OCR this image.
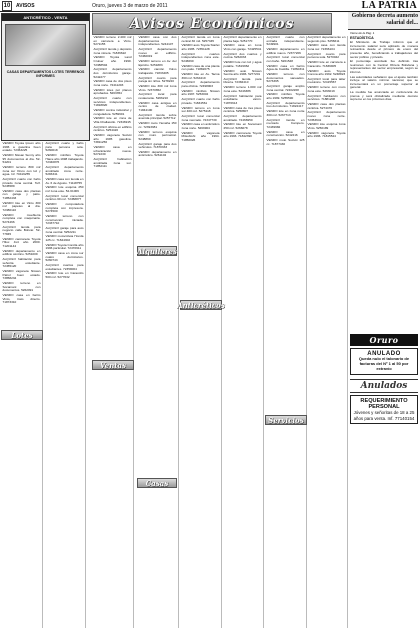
10	AVISOS	Oruro, jueves 3 de marzo de 2011	LA PATRIA
Avisos Económicos
ANTICRÉTICO - VENTA
CASAS DEPARTAMENTOS LOTES TERRENOS INFORMES

VENDO Toyota Ipsum año 1996 a gasolina buen estado. 72363225

VENDO Nissan Sunny año 95 documentos al día. 52-54201

VENDO terreno 800 m2 zona sur Oruro con luz y agua. Inf. 70419255

ALQUILO cuarto con baño privado zona central. Telf. 5245589

VENDO casa dos plantas con garaje y patio. 71852433

VENDO lote en Vinto 300 m2 papeles al día. 72380110

VENDO mueblería completa con maquinaria. 5274466

ALQUILO tienda para negocio calle Bolívar. 52-77845

VENDO camioneta Toyota Hilux 4x4 año 2000. 71201144

VENDO departamento en edificio céntrico. 5251009

ALQUILO habitación para señorita estudiante. 72455120

VENDO vagoneta Nissan Patrol buen estado. 73858234

VENDO terreno en Socamani con documentos. 5262091

VENDO casa en barrio Vinto, trato directo. 71873310

ALQUILO cuarto y baño para persona sola. 5260018

VENDO minibús Toyota Hiace año 1998 trabajando. 72340876

ALQUILO departamento amoblado zona norte. 5283341

VENDO casa con tienda en Av. 6 de Agosto. 71118755

VENDO lote esquina 250 m2 zona este. 52-61009

ALQUILO local comercial céntrico 60 m2. 72458877

VENDO computadora completa con impresora. 5274500

VENDO terreno con construcción iniciada. 72337710

ALQUILO garaje para auto zona central. 5252211

VENDO motocicleta Honda 125 cc. 71844302

VENDO Toyota Corolla año 1996 particular. 72470911

VENDO casa en zona sur cuatro dormitorios. 5260743

ALQUILO cuartos para estudiantes. 72359004

VENDO lote en Caracollo 500 m2. 5277632

VENDO terreno 2.400 m2 en carretera a Vinto. 5271155

ALQUILO tienda y depósito zona minera. 71836622

VENDO Toyota Land Cruiser año 1990. 72388504

ALQUILO departamento dos dormitorios garaje. 5242277

VENDO casa de dos pisos zona norte. 72411203

VENDO lotes por planos aprobados. 5263354

ALQUILO cuarto con servicios independientes. 71818820

VENDO cocina industrial y congeladora. 5259901

VENDO lote en zona de Villa Challacollo. 72346915

ALQUILO oficina en edificio céntrico. 5254420

VENDO vagoneta Suzuki año 1995 gasolina. 73811256

VENDO casa en urbanización nueva. 5272230

ALQUILO habitación amoblada zona sur. 71852111

VENDO casa con dos departamentos independientes. 5244107

ALQUILO departamento nuevo en edificio. 72460019

VENDO terreno en Av. del Ejército. 5251883

VENDO camión Volvo trabajando. 71833405

ALQUILO cuarto para pareja sin niños. 5278220

VENDO lote 300 m2 zona Vinto. 72370652

ALQUILO local para restaurante. 5266210

VENDO casa antigua en centro de ciudad. 71844100

ALQUILO tienda sobre avenida principal. 5257712

VENDO moto Yamaha 150 cc. 72393381

VENDO terreno esquina con muro perimetral. 5248860

ALQUILO garaje para dos vehículos. 71870333

VENDO departamento en anticrético. 5261104

ALQUILO tienda en zona central 30 m2. 5257345

VENDO auto Toyota Starlet año 1995. 72351128

ALQUILO cuartos independientes zona este. 5246690

VENDO casa de una planta con patio. 71882075

VENDO lote en Av. Tacna 360 m2. 5264419

ALQUILO departamento para oficina. 72498003

VENDO minibús Nissan año 1997. 5253002

ALQUILO cuarto con baño privado. 71834561

VENDO terreno en zona sur 400 m2. 5275118

ALQUILO local comercial zona mercado. 72347730

VENDO casa en anticrético zona norte. 5269904

VENDO vagoneta Mitsubishi año 1994. 71850026

ALQUILO departamento en planta baja. 5251770

VENDO casa en zona Vinto con garaje. 72425541

ALQUILO dos cuartos y cocina. 5262033

VENDO lote con luz y agua potable. 71819962

VENDO auto Nissan Sentra año 1996. 5277201

ALQUILO tienda para librería. 72384410

VENDO terreno 1.000 m2 zona este. 5243386

ALQUILO habitación para estudiante varón. 71876613

VENDO casa de tres pisos céntrica. 5258807

ALQUILO departamento amoblado. 72466950

VENDO lote en Socamani 250 m2. 5266678

VENDO camioneta Toyota año 1993. 71842390

ALQUILO cuarto con entrada independiente. 5249901

VENDO departamento en edificio nuevo. 72377206

ALQUILO local comercial con baño. 5261548

VENDO casa en barrio Agua de Castilla. 71860311

VENDO terreno con documentos saneados. 5273395

ALQUILO garaje amplio zona central. 72402268

VENDO minibús Toyota año 1999. 5255590

ALQUILO departamento tres dormitorios. 71824417

VENDO lote en zona norte 300 m2. 5267713

ALQUILO tienda en mercado Campero. 72439982

VENDO casa en construcción. 5242216

VENDO moto Suzuki 125 cc. 71877430

ALQUILO departamento en segundo piso. 5256611

VENDO casa con tienda zona sur. 72366104

ALQUILO cuarto para persona sola. 5270042

VENDO lote en carretera a Caracollo. 71839905

VENDO auto Toyota Corona año 1992. 5248823

ALQUILO local para taller mecánico. 72415567

VENDO terreno con muro zona este. 5263019

ALQUILO habitación con servicios. 71881208

VENDO casa dos plantas céntrica. 5274470

ALQUILO departamento nuevo zona norte. 72353641

VENDO lote esquina zona Vinto. 5250189

VENDO vagoneta Toyota año 1996. 71815524

Alquileres
Ventas
Anticréticos
Casas
Servicios
Lotes
Gobierno decreta aumento salarial del...
Viene de la Pág. 1
ESTADÍSTICA

El Ministerio de Trabajo informó que el incremento salarial será aplicado de manera retroactiva desde el primero de enero del presente año, beneficiando a trabajadores del sector público y privado.

El porcentaje acordado fue definido tras reuniones con la Central Obrera Boliviana y representantes del sector empresarial, según se informó.

Las autoridades señalaron que el ajuste también incluye al salario mínimo nacional, que se incrementará en un porcentaje superior al general.

La medida fue anunciada en conferencia de prensa y será oficializada mediante decreto supremo en los próximos días.

Oruro
ANULADO
Queda nulo el talonario de facturas del Nº 1 al 50 por extravío
Anulados
REQUERIMIENTO PERSONAL
Jóvenes y señoritas de 18 a 25 años para venta. Inf. 77140154
